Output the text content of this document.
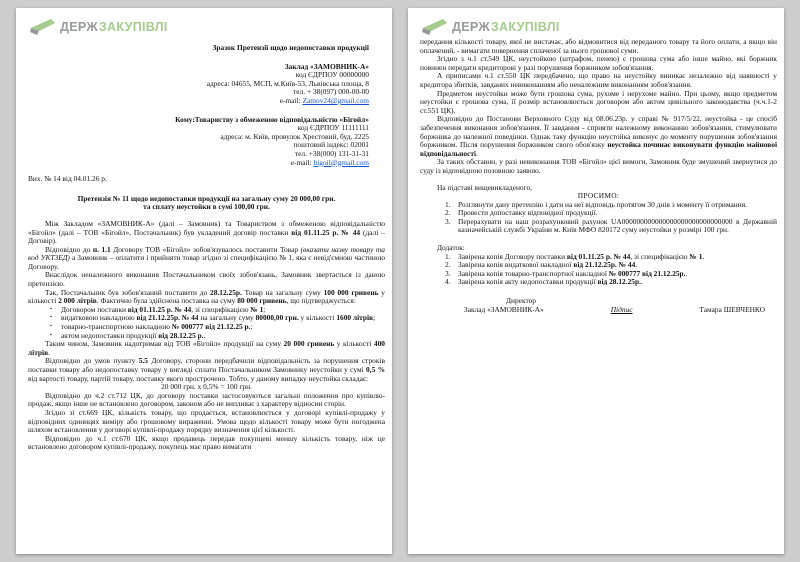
ДЕРЖ ЗАКУПІВЛІ
Зразок Претензії щодо недопоставки продукції
Заклад «ЗАМОВНИК-А»
код ЄДРПОУ 00000000
адреса: 04655, МСП, м.Київ-53, Львівська площа, 8
тел. + 38(097) 000-00-00
e-mail: Zamov24@gmail.com
Кому:Товариству з обмеженою відповідальністю «Бігойл»
код ЄДРПОУ 11111111
адреса: м. Київ, провулок Хрестовий, буд. 2225
поштовий індекс: 02001
тел. +38(000) 131-31-31
e-mail: bigoil@gmail.com
Вих. № 14 від 04.01.26 р.
Претензія № 11 щодо недопоставки продукції на загальну суму 20 000,00 грн.
та сплату неустойки в сумі 100,00 грн.

Між Закладом «ЗАМОВНИК-А» (далі – Замовник) та Товариством з обмеженою відповідальністю «Бігойл» (далі – ТОВ «Бігойл», Постачальник) був укладений договір поставки від 01.11.25 р. № 44 (далі – Договір).

Відповідно до п. 1.1 Договору ТОВ «Бігойл» зобов'язувалось поставити Товар (вказати назву товару та код УКТЗЕД) а Замовник – оплатити і прийняти товар згідно зі специфікацією № 1, яка є невід'ємною частиною Договору.

Внаслідок неналежного виконання Постачальником своїх зобов'язань, Замовник звертається із даною претензією.

Так, Постачальник був зобов'язаний поставити до 28.12.25р. Товар на загальну суму 100 000 гривень у кількості 2 000 літрів. Фактично була здійснена поставка на суму 80 000 гривень, що підтверджується:

▪	Договором поставки від 01.11.25 р. № 44, зі специфікацією № 1;
▪	видатковою накладною від 21.12.25р. № 44 на загальну суму 80000,00 грн. у кількості 1600 літрів;
▪	товарно-транспортною накладною № 000777 від 21.12.25 р.;
▪	актом недопоставки продукції від 28.12.25 р..

Таким чином, Замовник надотримав від ТОВ «Бігойл» продукції на суму 20 000 гривень у кількості 400 літрів.

Відповідно до умов пункту 5.5 Договору, сторони передбачили відповідальність за порушення строків поставки товару або недопоставку товару у вигляді сплати Постачальником Замовнику неустойки у сумі 0,5 % від вартості товару, партій товару, поставку якого прострочено. Тобто, у даному випадку неустойка складає:

20 000 грн. х 0,5% = 100 грн.

Відповідно до ч.2 ст.712 ЦК, до договору поставки застосовуються загальні положення про купівлю-продаж, якщо інше не встановлено договором, законом або не випливає з характеру відносин сторін.

Згідно зі ст.669 ЦК, кількість товару, що продається, встановлюється у договорі купівлі-продажу у відповідних одиницях виміру або грошовому вираженні. Умова щодо кількості товару може бути погоджена шляхом встановлення у договорі купівлі-продажу порядку визначення цієї кількості.

Відповідно до ч.1 ст.670 ЦК, якщо продавець передав покупцеві меншу кількість товару, ніж це встановлено договором купівлі-продажу, покупець має право вимагати

ДЕРЖ ЗАКУПІВЛІ

передання кількості товару, якої не вистачає, або відмовитися від переданого товару та його оплати, а якщо він оплачений, - вимагати повернення сплаченої за нього грошової суми.

Згідно з ч.1 ст.549 ЦК, неустойкою (штрафом, пенею) є грошова сума або інше майно, які боржник повинен передати кредиторові у разі порушення боржником зобов'язання.

А приписами ч.1 ст.550 ЦК передбачено, що право на неустойку виникає незалежно від наявності у кредитора збитків, завданих невиконанням або неналежним виконанням зобов'язання.

Предметом неустойки може бути грошова сума, рухоме і нерухоме майно. При цьому, якщо предметом неустойки є грошова сума, її розмір встановлюється договором або актом цивільного законодавства (ч.ч.1-2 ст.551 ЦК).

Відповідно до Постанови Верховного Суду від 08.06.23р. у справі № 917/5/22, неустойка - це спосіб забезпечення виконання зобов'язання. Її завдання - сприяти належному виконанню зобов'язання, стимулювати боржника до належної поведінки. Однак таку функцію неустойка виконує до моменту порушення зобов'язання боржником. Після порушення боржником свого обов'язку неустойка починає виконувати функцію майнової відповідальності.

За таких обставин, у разі невиконання ТОВ «Бігойл» цієї вимоги, Замовник буде змушений звернутися до суду із відповідною позовною заявою.

На підставі вищевикладеного,
ПРОСИМО:
1.	Розглянути дану претензію і дати на неї відповідь протягом 30 днів з моменту її отримання.
2.	Провести допоставку відповідної продукції.
3.	Перерахувати на наш розрахунковий рахунок UA000000000000000000000000000000 в Державній казначейській службі України м. Київ МФО 820172 суму неустойки у розмірі 100 грн.
Додаток:
1.	Завірена копія Договору поставки від 01.11.25 р. № 44, зі специфікацією № 1.
2.	Завірена копія видаткової накладної від 21.12.25р. № 44.
3.	Завірена копія товарно-транспортної накладної № 000777 від 21.12.25р..
4.	Завірена копія акту недопоставки продукції від 28.12.25р..
Директор
Заклад «ЗАМОВНИК-А»	Підпис	Тамара ШЕВЧЕНКО
